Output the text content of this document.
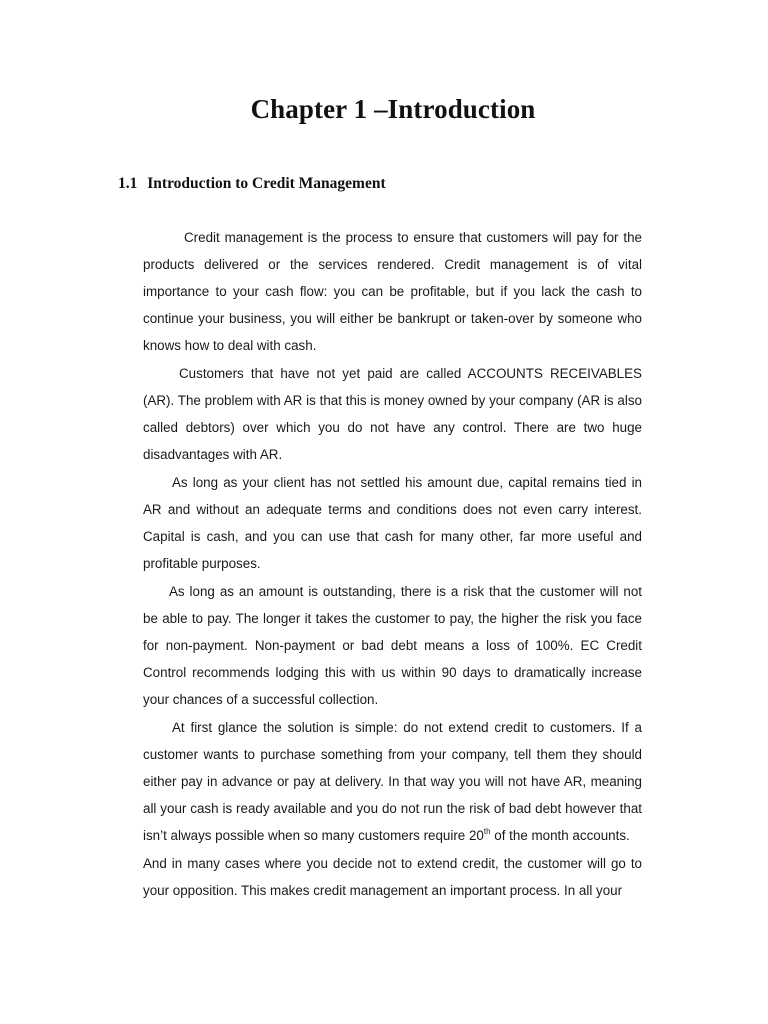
Chapter 1 –Introduction
1.1 Introduction to Credit Management

Credit management is the process to ensure that customers will pay for the products delivered or the services rendered. Credit management is of vital importance to your cash flow: you can be profitable, but if you lack the cash to continue your business, you will either be bankrupt or taken-over by someone who knows how to deal with cash.

Customers that have not yet paid are called ACCOUNTS RECEIVABLES (AR). The problem with AR is that this is money owned by your company (AR is also called debtors) over which you do not have any control. There are two huge disadvantages with AR.

As long as your client has not settled his amount due, capital remains tied in AR and without an adequate terms and conditions does not even carry interest. Capital is cash, and you can use that cash for many other, far more useful and profitable purposes.

As long as an amount is outstanding, there is a risk that the customer will not be able to pay. The longer it takes the customer to pay, the higher the risk you face for non-payment. Non-payment or bad debt means a loss of 100%. EC Credit Control recommends lodging this with us within 90 days to dramatically increase your chances of a successful collection.

At first glance the solution is simple: do not extend credit to customers. If a customer wants to purchase something from your company, tell them they should either pay in advance or pay at delivery. In that way you will not have AR, meaning all your cash is ready available and you do not run the risk of bad debt however that isn’t always possible when so many customers require 20th of the month accounts.

And in many cases where you decide not to extend credit, the customer will go to your opposition. This makes credit management an important process. In all your
